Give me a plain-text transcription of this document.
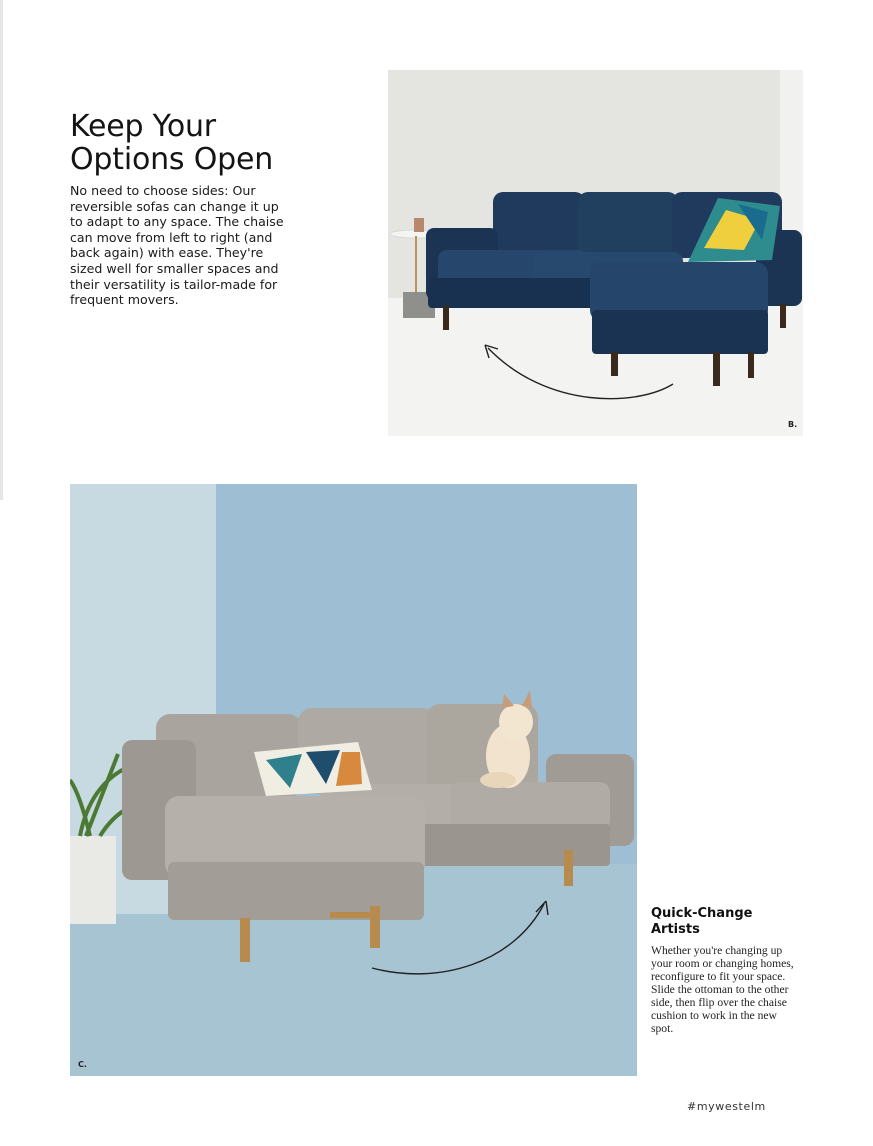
Keep Your
Options Open

No need to choose sides: Our reversible sofas can change it up to adapt to any space. The chaise can move from left to right (and back again) with ease. They're sized well for smaller spaces and their versatility is tailor-made for frequent movers.

B.
C.
Quick-Change Artists

Whether you're changing up your room or changing homes, reconfigure to fit your space. Slide the ottoman to the other side, then flip over the chaise cushion to work in the new spot.

#mywestelm
